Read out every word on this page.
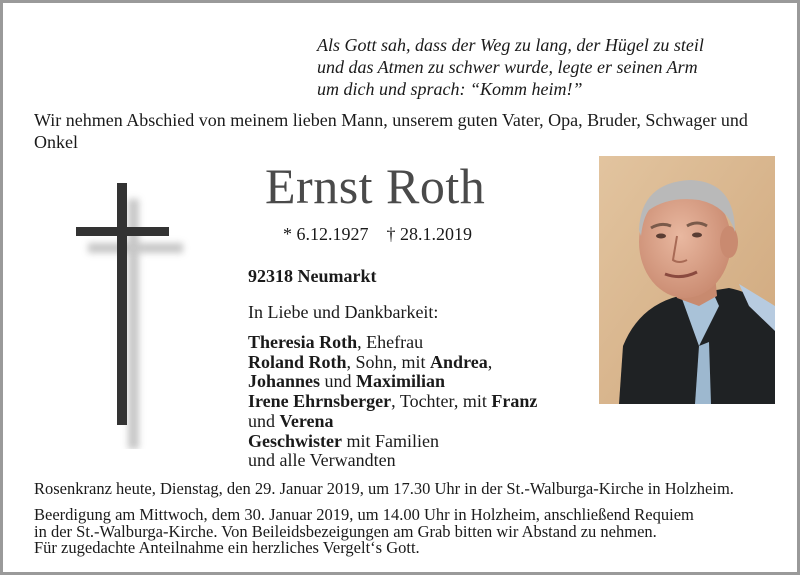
Als Gott sah, dass der Weg zu lang, der Hügel zu steil
und das Atmen zu schwer wurde, legte er seinen Arm
um dich und sprach: “Komm heim!”
Wir nehmen Abschied von meinem lieben Mann, unserem guten Vater, Opa, Bruder, Schwager und Onkel
Ernst Roth
* 6.12.1927 † 28.1.2019
92318 Neumarkt
In Liebe und Dankbarkeit:
Theresia Roth, Ehefrau
Roland Roth, Sohn, mit Andrea,
Johannes und Maximilian
Irene Ehrnsberger, Tochter, mit Franz
und Verena
Geschwister mit Familien
und alle Verwandten
Rosenkranz heute, Dienstag, den 29. Januar 2019, um 17.30 Uhr in der St.-Walburga-Kirche in Holzheim.
Beerdigung am Mittwoch, dem 30. Januar 2019, um 14.00 Uhr in Holzheim, anschließend Requiem
in der St.-Walburga-Kirche. Von Beileidsbezeigungen am Grab bitten wir Abstand zu nehmen.
Für zugedachte Anteilnahme ein herzliches Vergelt‘s Gott.
